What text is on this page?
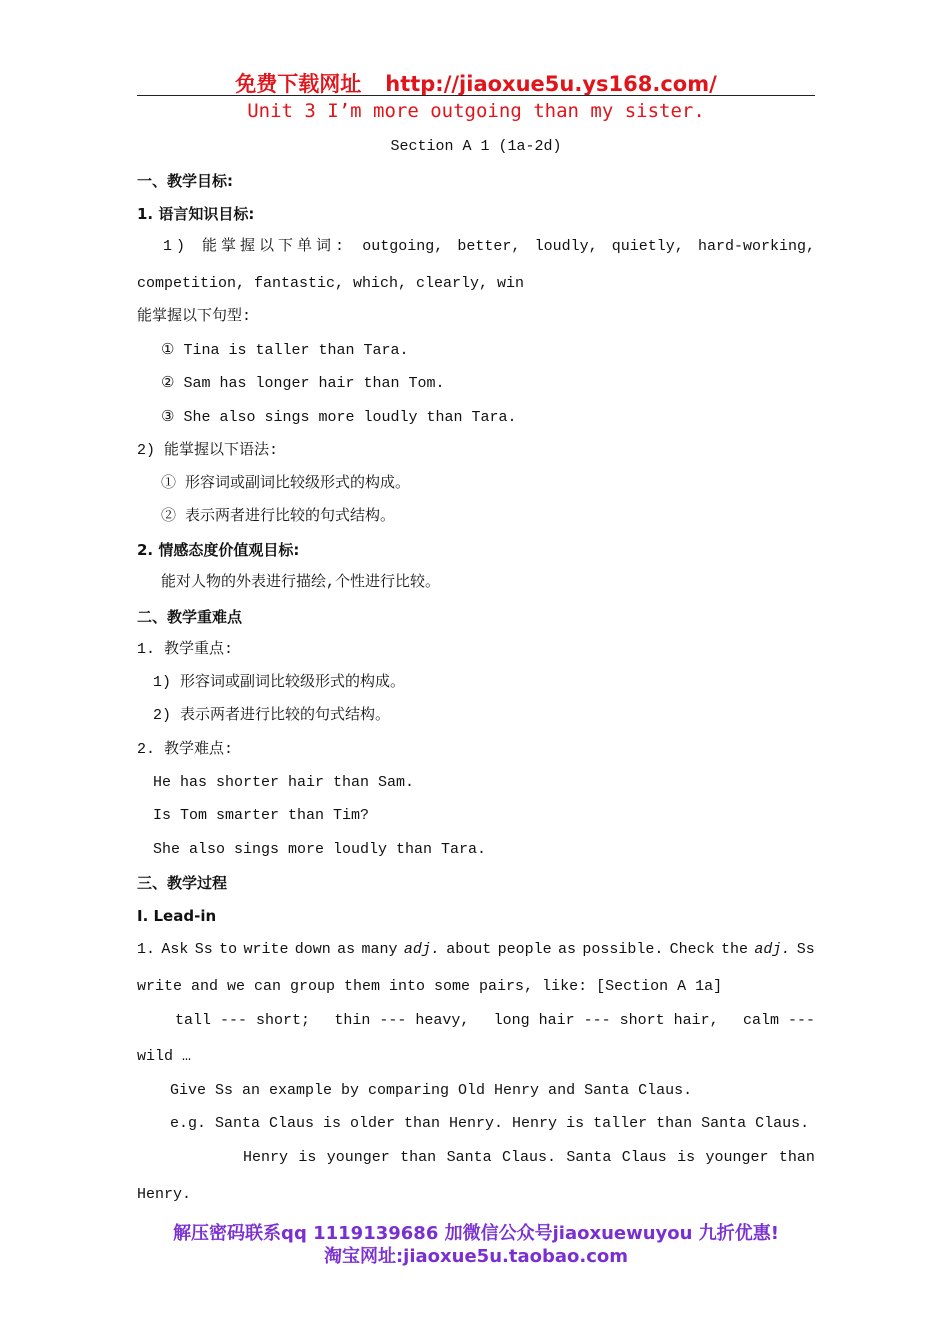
免费下载网址 http://jiaoxue5u.ys168.com/
Unit 3 I’m more outgoing than my sister.
Section A 1 (1a-2d)
一、教学目标:
1. 语言知识目标:
1) 能掌握以下单词: outgoing, better, loudly, quietly, hard-working,
competition, fantastic, which, clearly, win
能掌握以下句型:
① Tina is taller than Tara.
② Sam has longer hair than Tom.
③ She also sings more loudly than Tara.
2) 能掌握以下语法:
① 形容词或副词比较级形式的构成。
② 表示两者进行比较的句式结构。
2. 情感态度价值观目标:
能对人物的外表进行描绘,个性进行比较。
二、教学重难点
1. 教学重点:
1) 形容词或副词比较级形式的构成。
2) 表示两者进行比较的句式结构。
2. 教学难点:
He has shorter hair than Sam.
Is Tom smarter than Tim?
She also sings more loudly than Tara.
三、教学过程
Ⅰ. Lead-in
1. Ask Ss to write down as many adj. about people as possible. Check the adj. Ss
write and we can group them into some pairs, like: [Section A 1a]
tall --- short; thin --- heavy, long hair --- short hair, calm ---
wild …
Give Ss an example by comparing Old Henry and Santa Claus.
e.g. Santa Claus is older than Henry. Henry is taller than Santa Claus.
Henry is younger than Santa Claus. Santa Claus is younger than
Henry.
解压密码联系qq 1119139686 加微信公众号jiaoxuewuyou 九折优惠!
淘宝网址:jiaoxue5u.taobao.com
